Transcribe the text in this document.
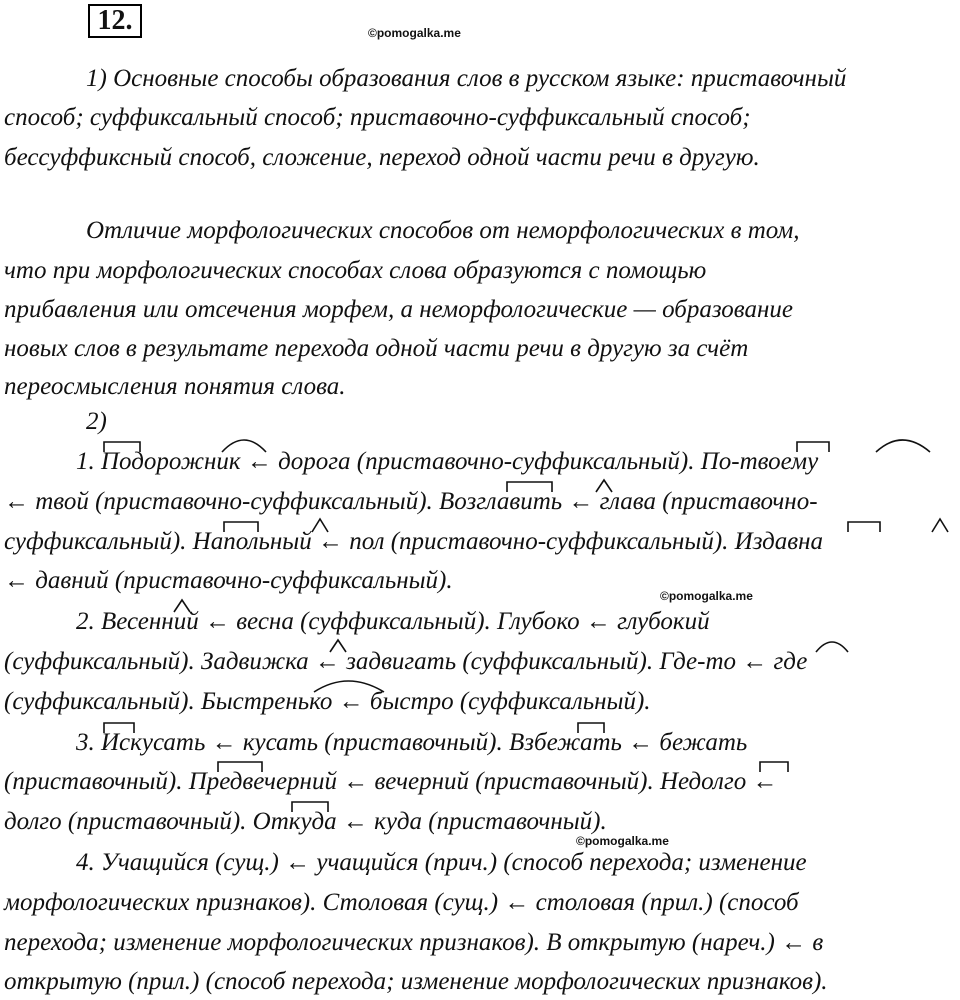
12.	©pomogalka.me
©pomogalka.me
©pomogalka.me
1) Основные способы образования слов в русском языке: приставочный
способ; суффиксальный способ; приставочно-суффиксальный способ;
бессуффиксный способ, сложение, переход одной части речи в другую.
Отличие морфологических способов от неморфологических в том,
что при морфологических способах слова образуются с помощью
прибавления или отсечения морфем, а неморфологические — образование
новых слов в результате перехода одной части речи в другую за счёт
переосмысления понятия слова.
2)
1. Подорожник ← дорога (приставочно-суффиксальный). По-твоему
← твой (приставочно-суффиксальный). Возглавить ← глава (приставочно-
суффиксальный). Напольный ← пол (приставочно-суффиксальный). Издавна
← давний (приставочно-суффиксальный).
2. Весенний ← весна (суффиксальный). Глубоко ← глубокий
(суффиксальный). Задвижка ← задвигать (суффиксальный). Где-то ← где
(суффиксальный). Быстренько ← быстро (суффиксальный).
3. Искусать ← кусать (приставочный). Взбежать ← бежать
(приставочный). Предвечерний ← вечерний (приставочный). Недолго ←
долго (приставочный). Откуда ← куда (приставочный).
4. Учащийся (сущ.) ← учащийся (прич.) (способ перехода; изменение
морфологических признаков). Столовая (сущ.) ← столовая (прил.) (способ
перехода; изменение морфологических признаков). В открытую (нареч.) ← в
открытую (прил.) (способ перехода; изменение морфологических признаков).
